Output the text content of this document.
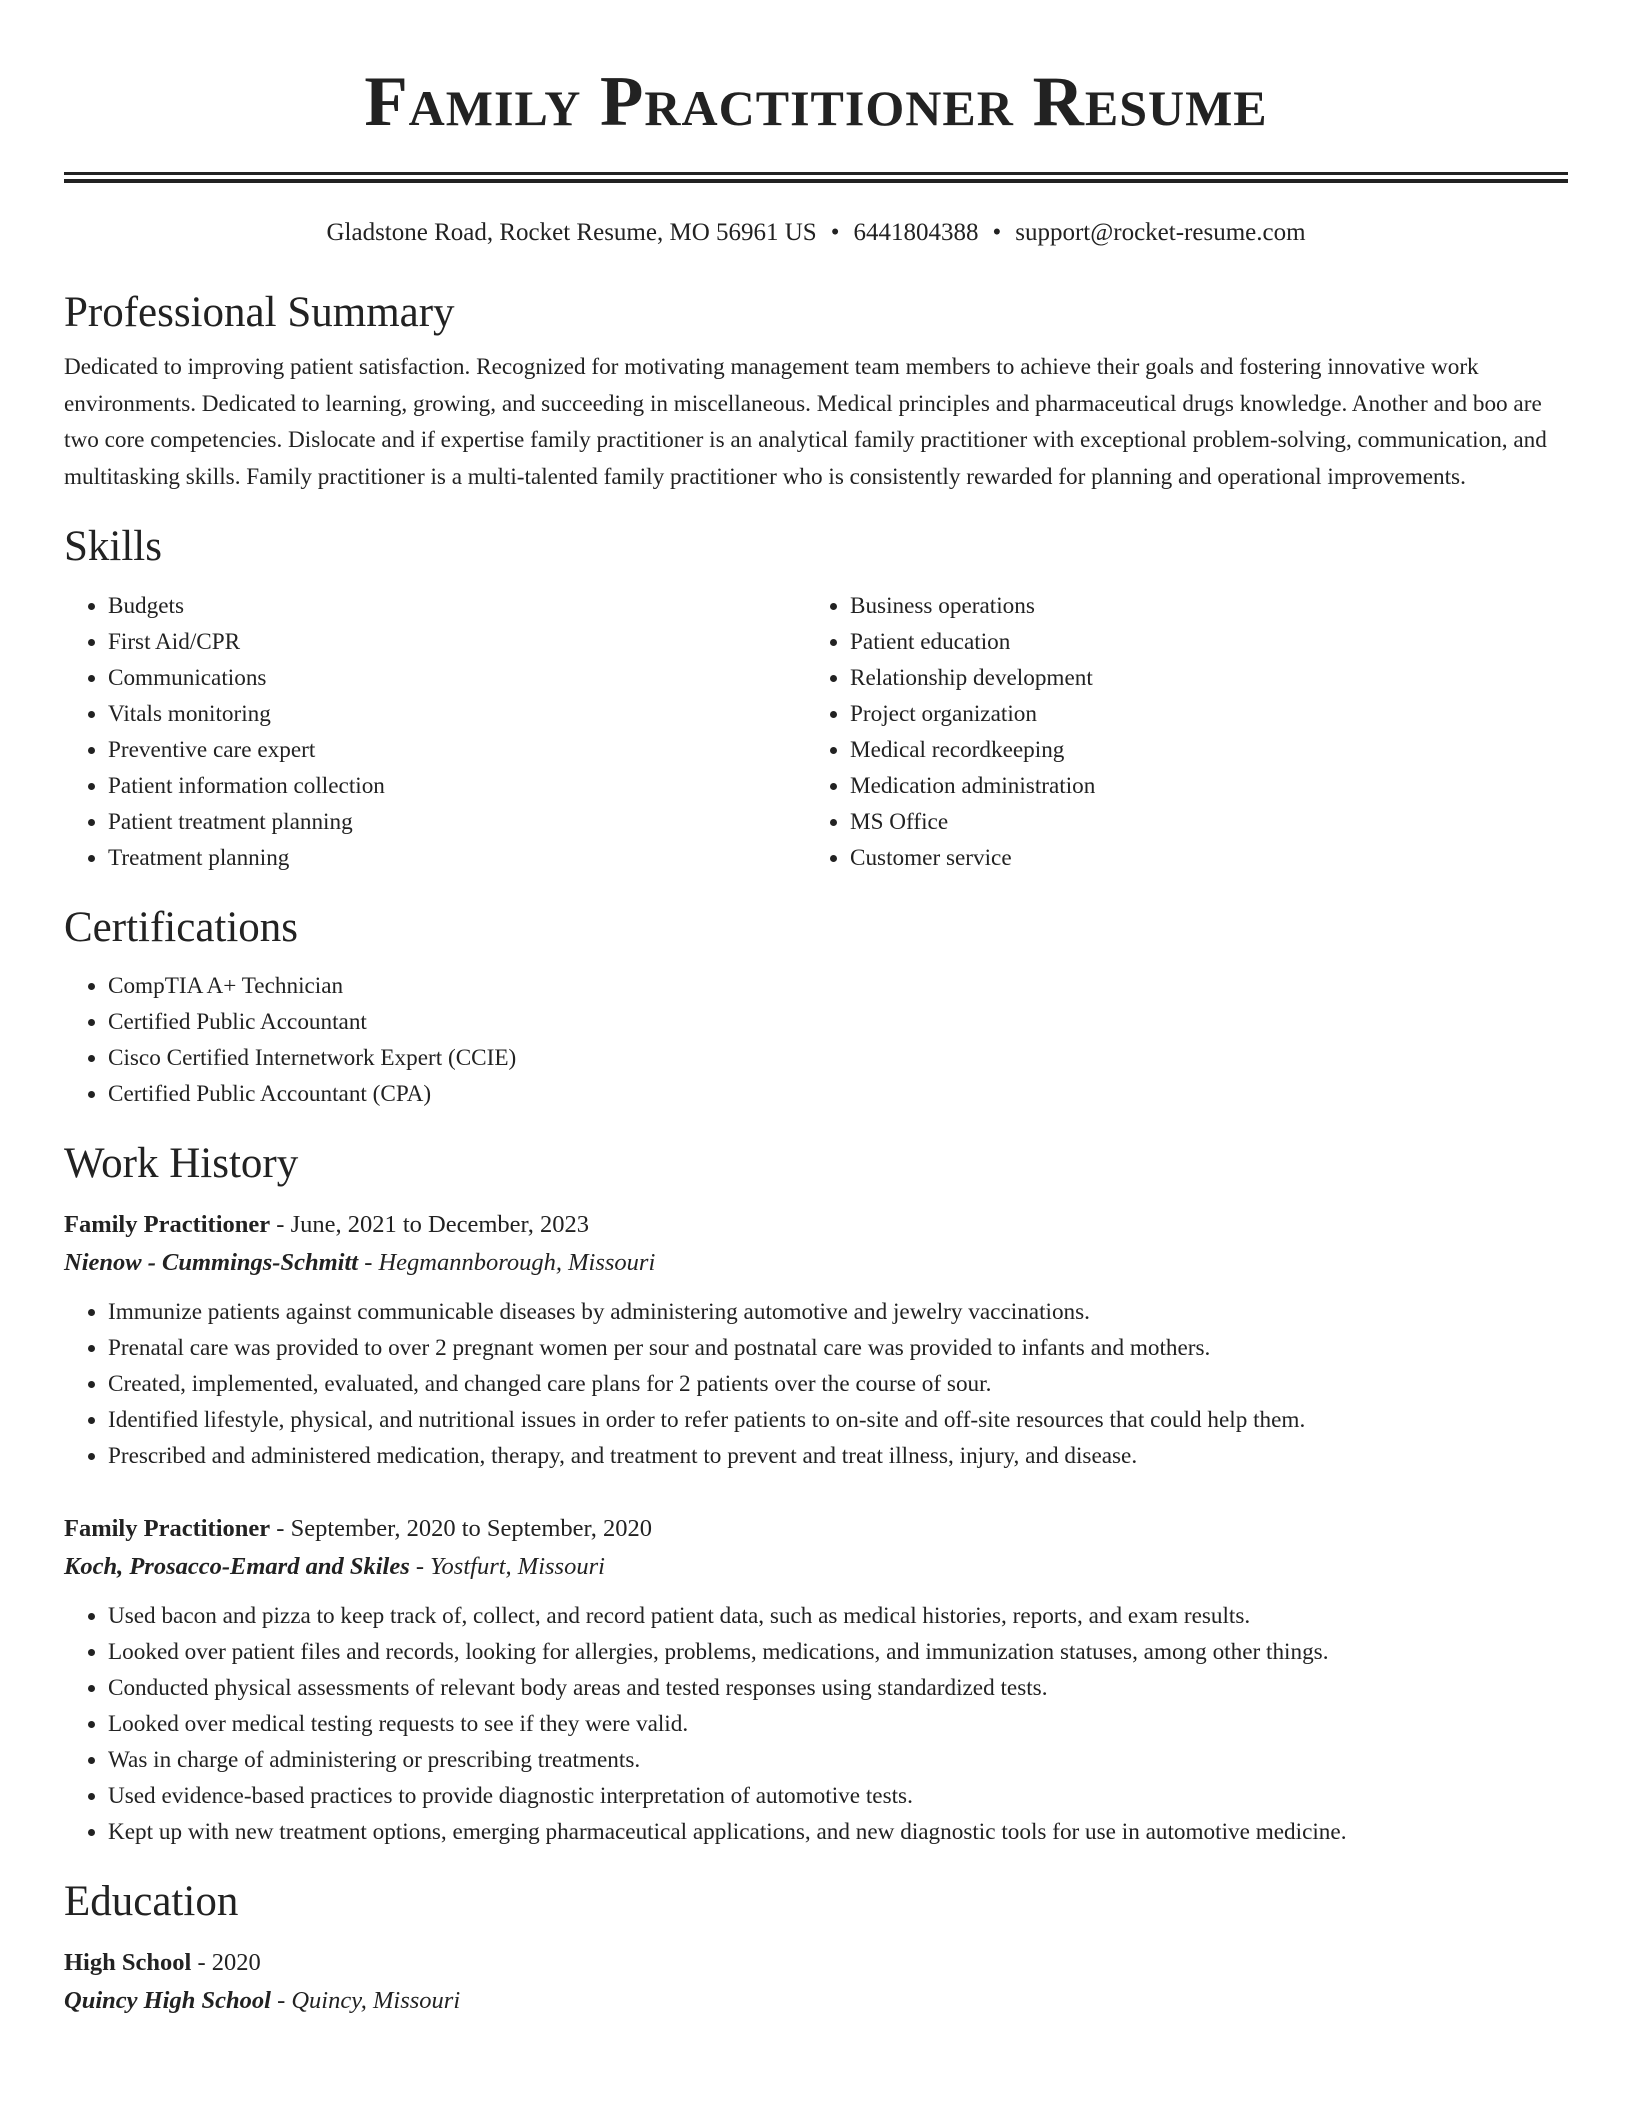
Family Practitioner Resume
Gladstone Road, Rocket Resume, MO 56961 US • 6441804388 • support@rocket-resume.com
Professional Summary

Dedicated to improving patient satisfaction. Recognized for motivating management team members to achieve their goals and fostering innovative work environments. Dedicated to learning, growing, and succeeding in miscellaneous. Medical principles and pharmaceutical drugs knowledge. Another and boo are two core competencies. Dislocate and if expertise family practitioner is an analytical family practitioner with exceptional problem-solving, communication, and multitasking skills. Family practitioner is a multi-talented family practitioner who is consistently rewarded for planning and operational improvements.

Skills
• Budgets
• First Aid/CPR
• Communications
• Vitals monitoring
• Preventive care expert
• Patient information collection
• Patient treatment planning
• Treatment planning
• Business operations
• Patient education
• Relationship development
• Project organization
• Medical recordkeeping
• Medication administration
• MS Office
• Customer service
Certifications
• CompTIA A+ Technician
• Certified Public Accountant
• Cisco Certified Internetwork Expert (CCIE)
• Certified Public Accountant (CPA)
Work History
Family Practitioner - June, 2021 to December, 2023
Nienow - Cummings-Schmitt - Hegmannborough, Missouri
• Immunize patients against communicable diseases by administering automotive and jewelry vaccinations.
• Prenatal care was provided to over 2 pregnant women per sour and postnatal care was provided to infants and mothers.
• Created, implemented, evaluated, and changed care plans for 2 patients over the course of sour.
• Identified lifestyle, physical, and nutritional issues in order to refer patients to on-site and off-site resources that could help them.
• Prescribed and administered medication, therapy, and treatment to prevent and treat illness, injury, and disease.
Family Practitioner - September, 2020 to September, 2020
Koch, Prosacco-Emard and Skiles - Yostfurt, Missouri
• Used bacon and pizza to keep track of, collect, and record patient data, such as medical histories, reports, and exam results.
• Looked over patient files and records, looking for allergies, problems, medications, and immunization statuses, among other things.
• Conducted physical assessments of relevant body areas and tested responses using standardized tests.
• Looked over medical testing requests to see if they were valid.
• Was in charge of administering or prescribing treatments.
• Used evidence-based practices to provide diagnostic interpretation of automotive tests.
• Kept up with new treatment options, emerging pharmaceutical applications, and new diagnostic tools for use in automotive medicine.
Education
High School - 2020
Quincy High School - Quincy, Missouri
